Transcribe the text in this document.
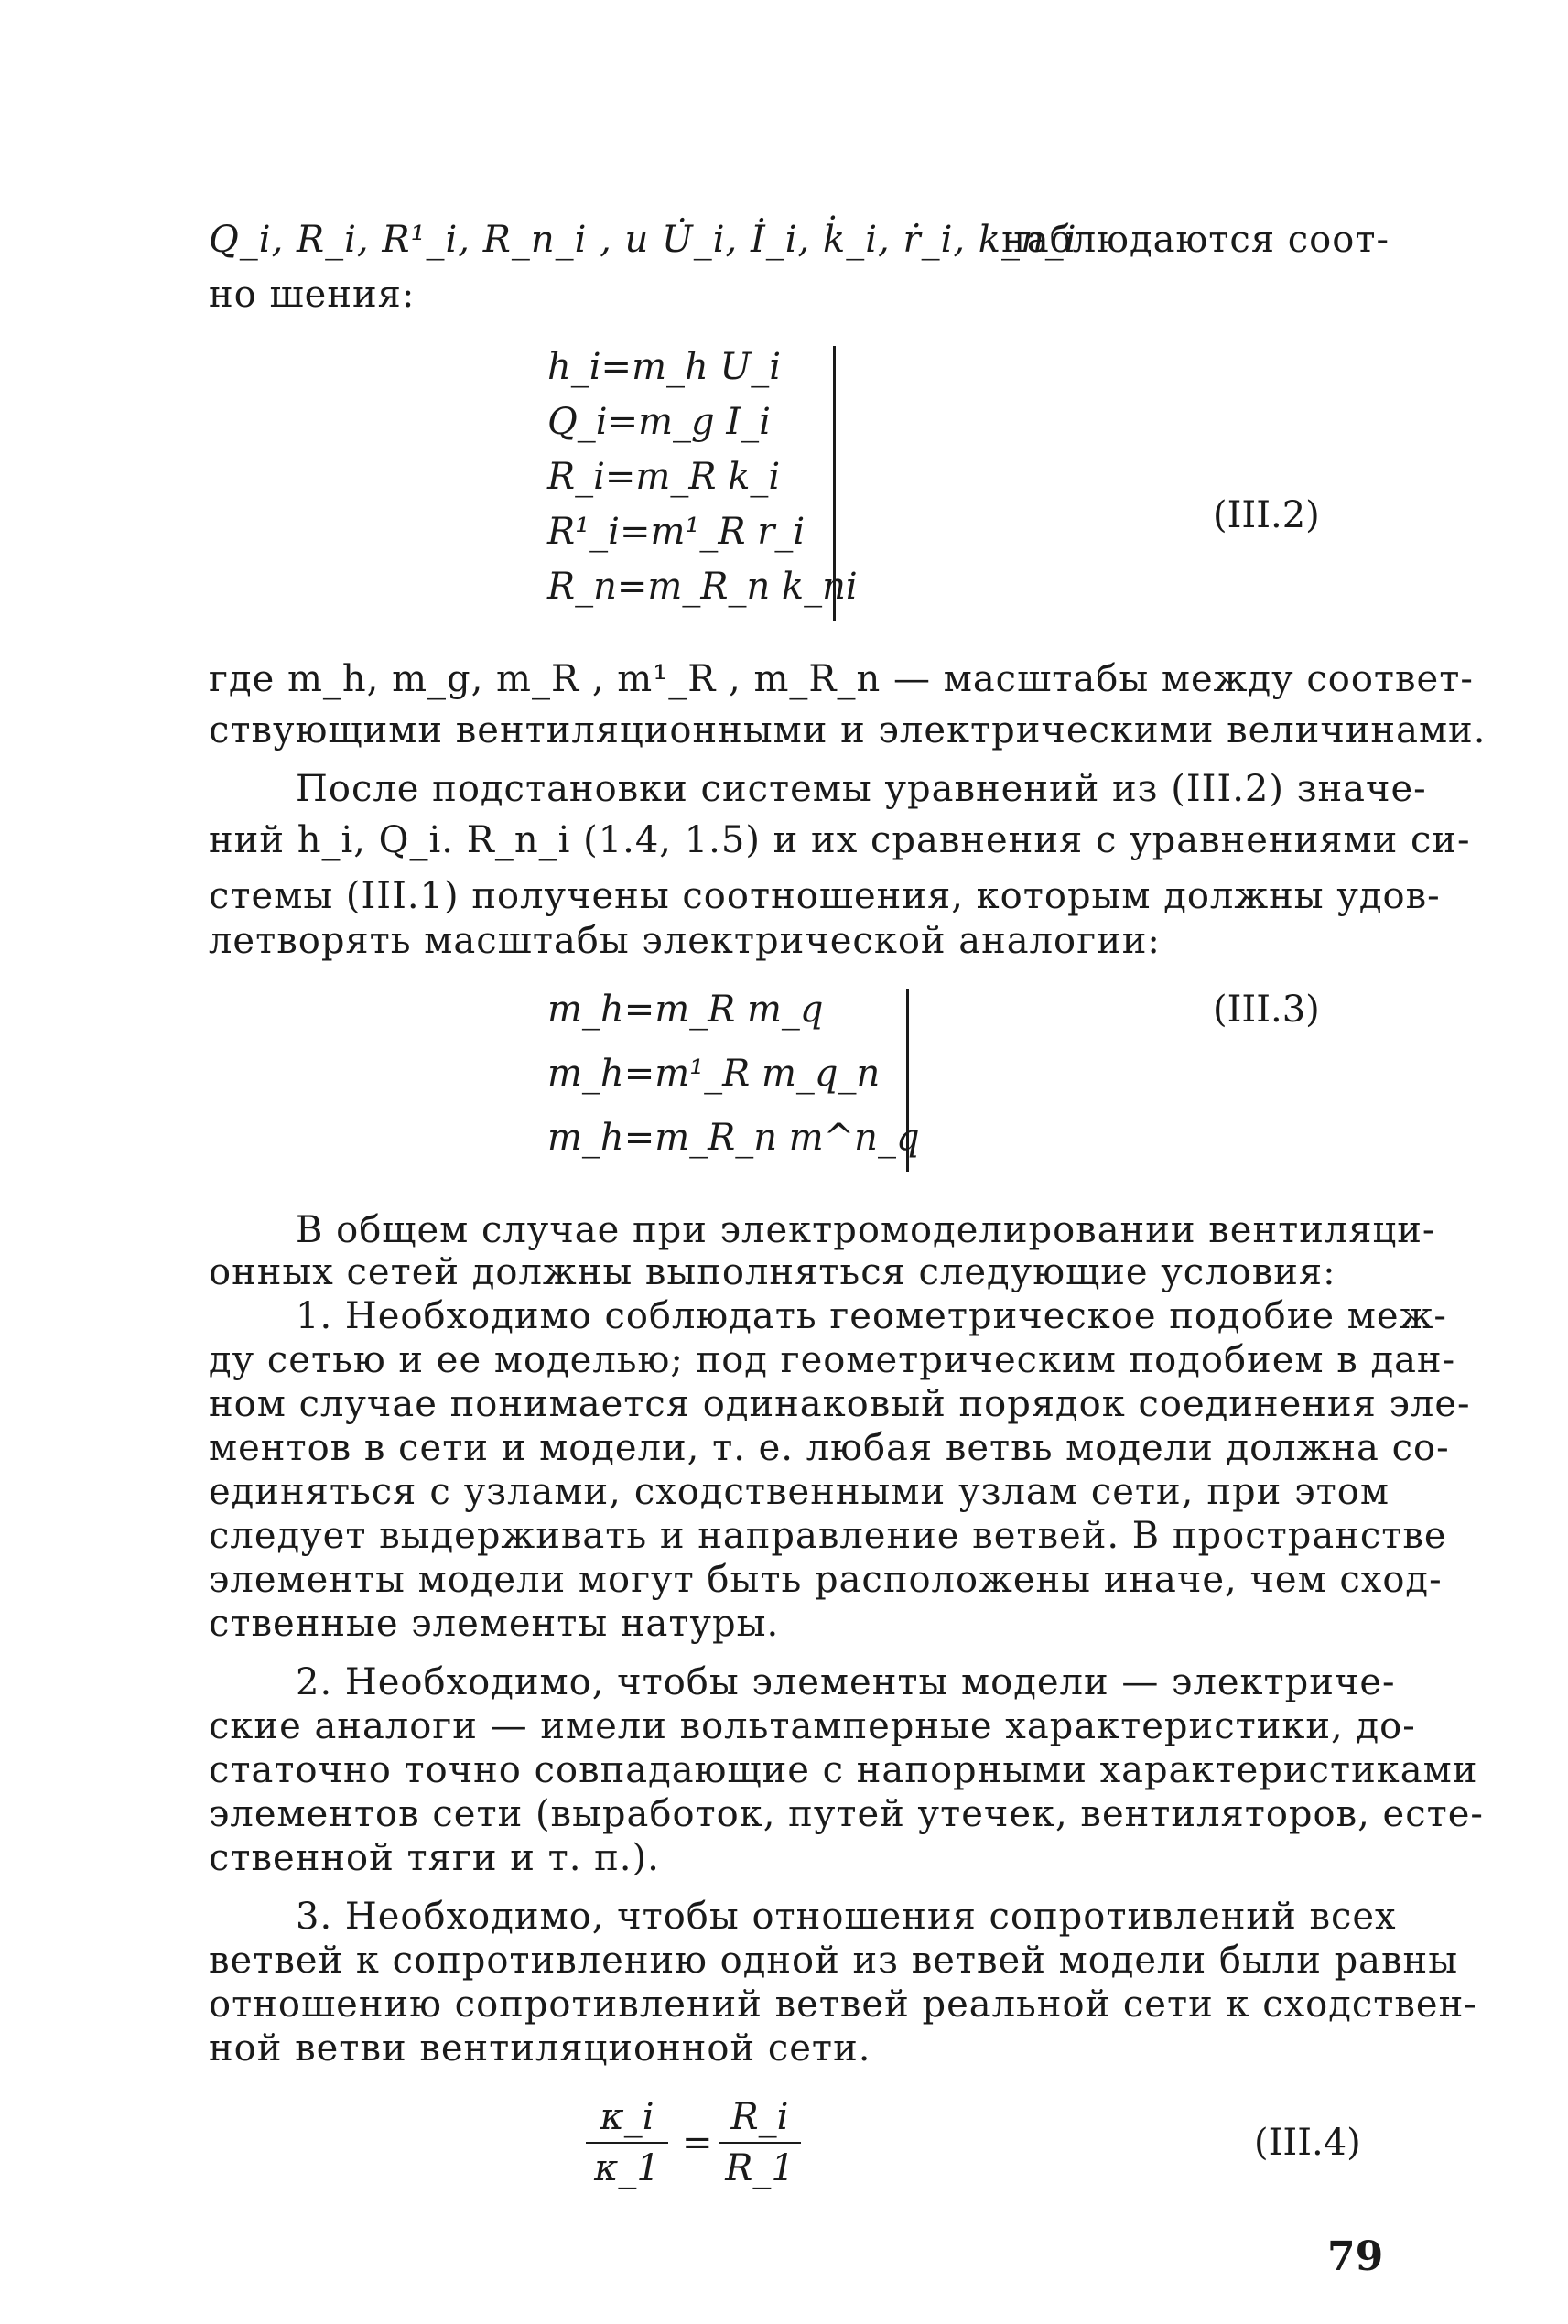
Q_i, R_i, R¹_i, R_n_i , и U̇_i, İ_i, k̇_i, ṙ_i, k_n_i
наблюдаются соот-
но шения:
h_i=m_h U_i
Q_i=m_g I_i
R_i=m_R k_i
R¹_i=m¹_R r_i
R_n=m_R_n k_ni
(III.2)
где m_h, m_g, m_R , m¹_R , m_R_n — масштабы между соответ-
ствующими вентиляционными и электрическими величинами.
После подстановки системы уравнений из (III.2) значе-
ний h_i, Q_i. R_n_i (1.4, 1.5) и их сравнения с уравнениями си-
стемы (III.1) получены соотношения, которым должны удов-
летворять масштабы электрической аналогии:
m_h=m_R m_q
m_h=m¹_R m_q_n
m_h=m_R_n m^n_q
(III.3)
В общем случае при электромоделировании вентиляци-
онных сетей должны выполняться следующие условия:
1. Необходимо соблюдать геометрическое подобие меж-
ду сетью и ее моделью; под геометрическим подобием в дан-
ном случае понимается одинаковый порядок соединения эле-
ментов в сети и модели, т. е. любая ветвь модели должна со-
единяться с узлами, сходственными узлам сети, при этом
следует выдерживать и направление ветвей. В пространстве
элементы модели могут быть расположены иначе, чем сход-
ственные элементы натуры.
2. Необходимо, чтобы элементы модели — электриче-
ские аналоги — имели вольтамперные характеристики, до-
статочно точно совпадающие с напорными характеристиками
элементов сети (выработок, путей утечек, вентиляторов, есте-
ственной тяги и т. п.).
3. Необходимо, чтобы отношения сопротивлений всех
ветвей к сопротивлению одной из ветвей модели были равны
отношению сопротивлений ветвей реальной сети к сходствен-
ной ветви вентиляционной сети.
κ_i
κ_1
=
R_i
R_1
(III.4)
79
